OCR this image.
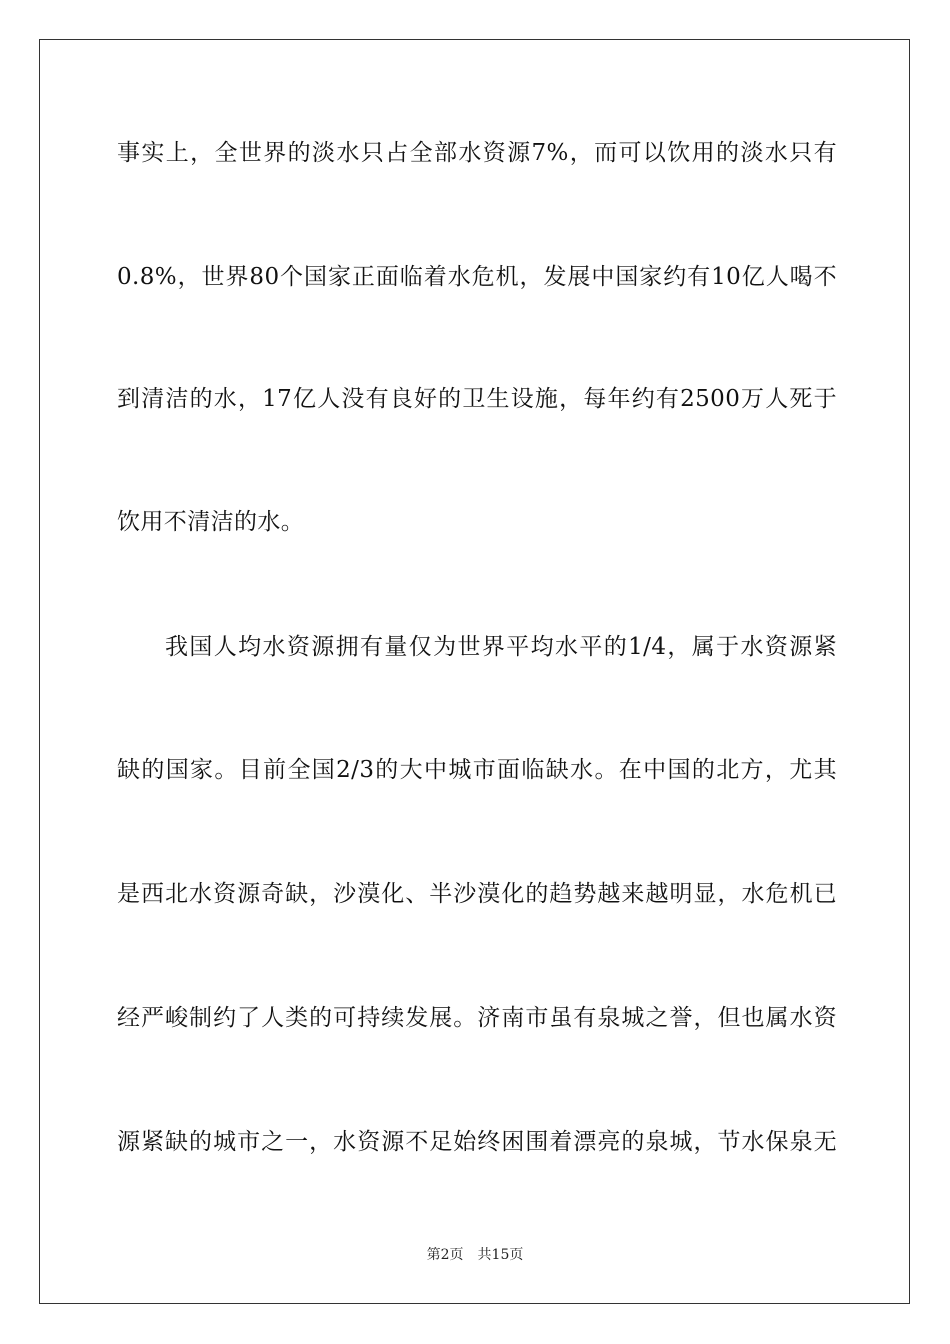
事实上，全世界的淡水只占全部水资源7%，而可以饮用的淡水只有
0.8%，世界80个国家正面临着水危机，发展中国家约有10亿人喝不
到清洁的水，17亿人没有良好的卫生设施，每年约有2500万人死于
饮用不清洁的水。
我国人均水资源拥有量仅为世界平均水平的1/4，属于水资源紧
缺的国家。目前全国2/3的大中城市面临缺水。在中国的北方，尤其
是西北水资源奇缺，沙漠化、半沙漠化的趋势越来越明显，水危机已
经严峻制约了人类的可持续发展。济南市虽有泉城之誉，但也属水资
源紧缺的城市之一，水资源不足始终困围着漂亮的泉城，节水保泉无
第2页 共15页
